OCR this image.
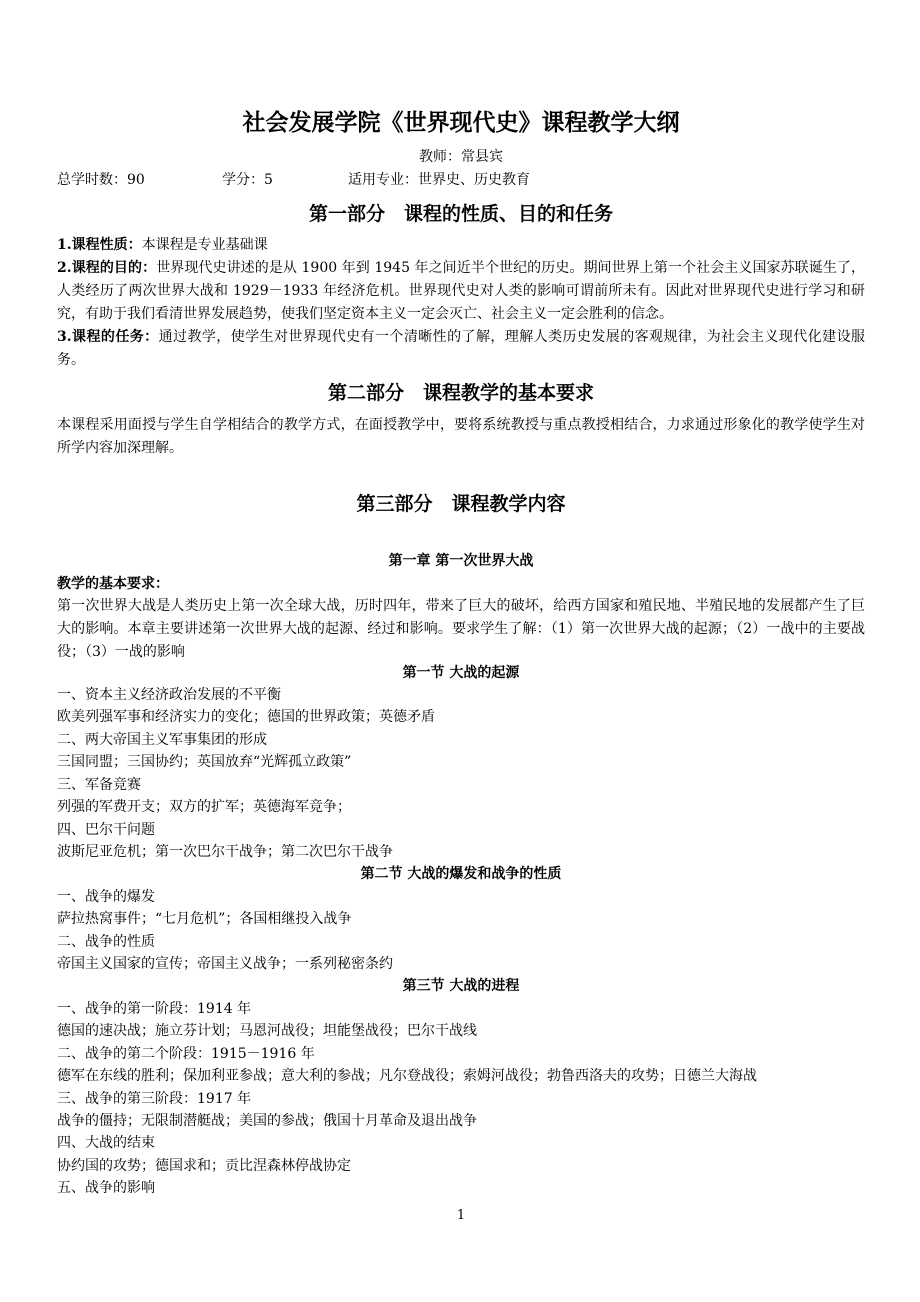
社会发展学院《世界现代史》课程教学大纲
教师：常县宾
总学时数：90	学分：5	适用专业：世界史、历史教育
第一部分　课程的性质、目的和任务
1.课程性质：本课程是专业基础课
2.课程的目的：世界现代史讲述的是从 1900 年到 1945 年之间近半个世纪的历史。期间世界上第一个社会主义国家苏联诞生了，人类经历了两次世界大战和 1929－1933 年经济危机。世界现代史对人类的影响可谓前所未有。因此对世界现代史进行学习和研究，有助于我们看清世界发展趋势，使我们坚定资本主义一定会灭亡、社会主义一定会胜利的信念。
3.课程的任务：通过教学，使学生对世界现代史有一个清晰性的了解，理解人类历史发展的客观规律，为社会主义现代化建设服务。
第二部分　课程教学的基本要求
本课程采用面授与学生自学相结合的教学方式，在面授教学中，要将系统教授与重点教授相结合，力求通过形象化的教学使学生对所学内容加深理解。
第三部分　课程教学内容
第一章 第一次世界大战
教学的基本要求：
第一次世界大战是人类历史上第一次全球大战，历时四年，带来了巨大的破坏，给西方国家和殖民地、半殖民地的发展都产生了巨大的影响。本章主要讲述第一次世界大战的起源、经过和影响。要求学生了解：（1）第一次世界大战的起源；（2）一战中的主要战役；（3）一战的影响
第一节 大战的起源
一、资本主义经济政治发展的不平衡
欧美列强军事和经济实力的变化；德国的世界政策；英德矛盾
二、两大帝国主义军事集团的形成
三国同盟；三国协约；英国放弃“光辉孤立政策”
三、军备竞赛
列强的军费开支；双方的扩军；英德海军竞争；
四、巴尔干问题
波斯尼亚危机；第一次巴尔干战争；第二次巴尔干战争
第二节 大战的爆发和战争的性质
一、战争的爆发
萨拉热窝事件；“七月危机”；各国相继投入战争
二、战争的性质
帝国主义国家的宣传；帝国主义战争；一系列秘密条约
第三节 大战的进程
一、战争的第一阶段：1914 年
德国的速决战；施立芬计划；马恩河战役；坦能堡战役；巴尔干战线
二、战争的第二个阶段：1915－1916 年
德军在东线的胜利；保加利亚参战；意大利的参战；凡尔登战役；索姆河战役；勃鲁西洛夫的攻势；日德兰大海战
三、战争的第三阶段：1917 年
战争的僵持；无限制潜艇战；美国的参战；俄国十月革命及退出战争
四、大战的结束
协约国的攻势；德国求和；贡比涅森林停战协定
五、战争的影响
1
